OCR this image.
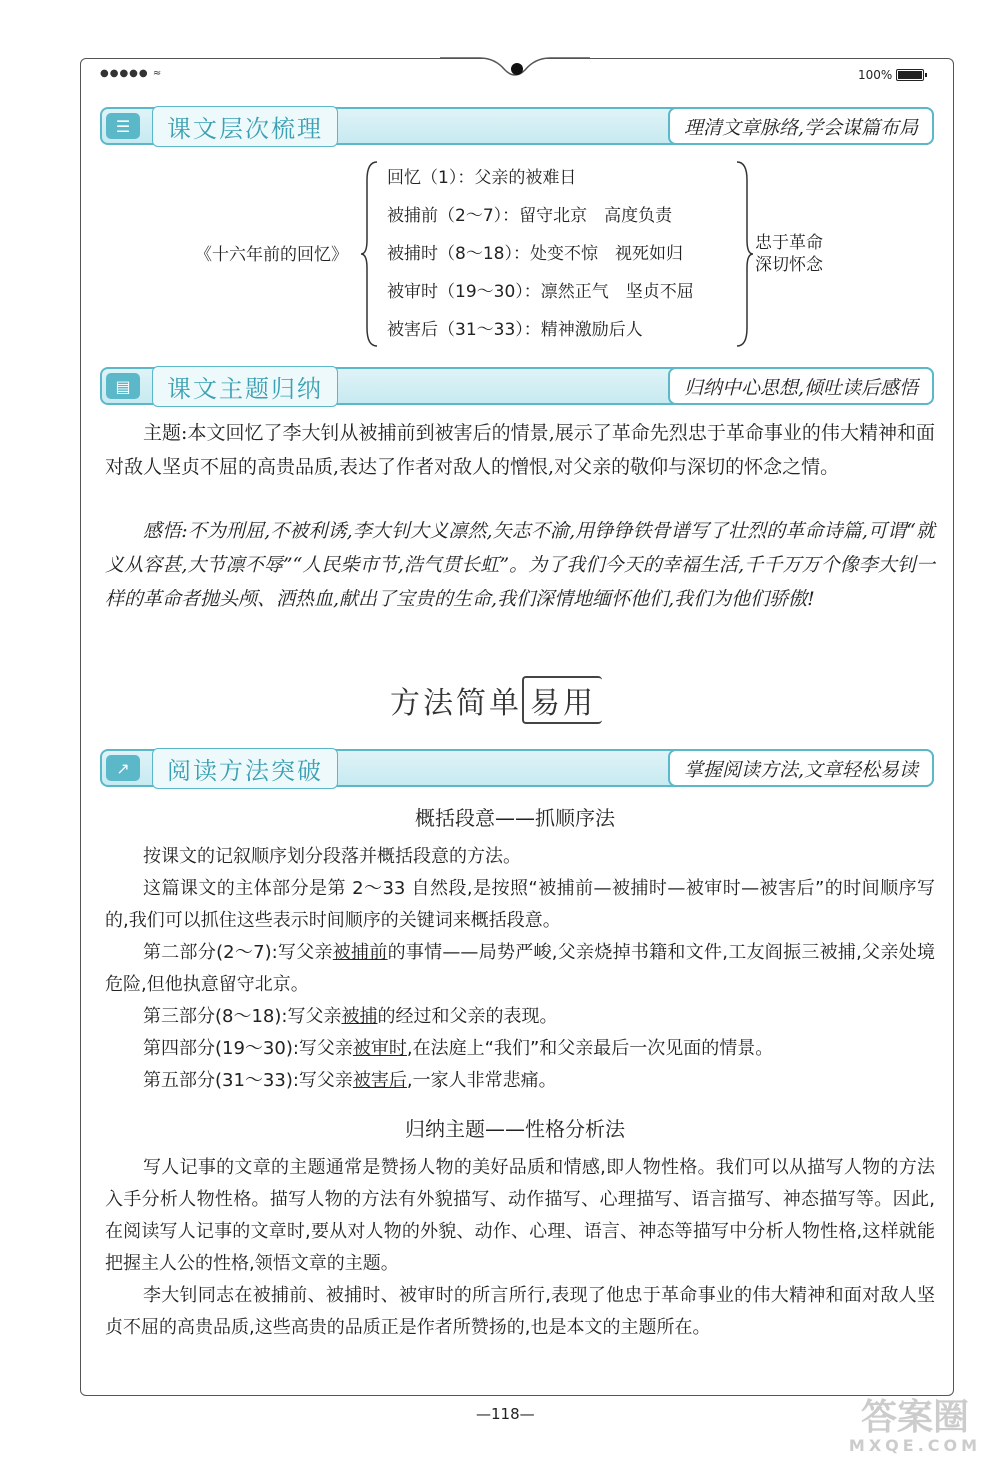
●●●●● ≈	100%
☰	课文层次梳理	理清文章脉络,学会谋篇布局
《十六年前的回忆》
回忆（1）：父亲的被难日
被捕前（2～7）：留守北京　高度负责
被捕时（8～18）：处变不惊　视死如归
被审时（19～30）：凛然正气　坚贞不屈
被害后（31～33）：精神激励后人
忠于革命
深切怀念
▤	课文主题归纳	归纳中心思想,倾吐读后感悟
主题:本文回忆了李大钊从被捕前到被害后的情景,展示了革命先烈忠于革命事业的伟大精神和面对敌人坚贞不屈的高贵品质,表达了作者对敌人的憎恨,对父亲的敬仰与深切的怀念之情。
感悟:不为刑屈,不被利诱,李大钊大义凛然,矢志不渝,用铮铮铁骨谱写了壮烈的革命诗篇,可谓“就义从容甚,大节凛不辱”“人民柴市节,浩气贯长虹”。为了我们今天的幸福生活,千千万万个像李大钊一样的革命者抛头颅、洒热血,献出了宝贵的生命,我们深情地缅怀他们,我们为他们骄傲!
方法简单 易用
↗	阅读方法突破	掌握阅读方法,文章轻松易读
概括段意——抓顺序法

按课文的记叙顺序划分段落并概括段意的方法。

这篇课文的主体部分是第 2～33 自然段,是按照“被捕前—被捕时—被审时—被害后”的时间顺序写的,我们可以抓住这些表示时间顺序的关键词来概括段意。

第二部分(2～7):写父亲被捕前的事情——局势严峻,父亲烧掉书籍和文件,工友阎振三被捕,父亲处境危险,但他执意留守北京。

第三部分(8～18):写父亲被捕的经过和父亲的表现。

第四部分(19～30):写父亲被审时,在法庭上“我们”和父亲最后一次见面的情景。

第五部分(31～33):写父亲被害后,一家人非常悲痛。

归纳主题——性格分析法

写人记事的文章的主题通常是赞扬人物的美好品质和情感,即人物性格。我们可以从描写人物的方法入手分析人物性格。描写人物的方法有外貌描写、动作描写、心理描写、语言描写、神态描写等。因此,在阅读写人记事的文章时,要从对人物的外貌、动作、心理、语言、神态等描写中分析人物性格,这样就能把握主人公的性格,领悟文章的主题。

李大钊同志在被捕前、被捕时、被审时的所言所行,表现了他忠于革命事业的伟大精神和面对敌人坚贞不屈的高贵品质,这些高贵的品质正是作者所赞扬的,也是本文的主题所在。

—118—	答案圈
MXQE.COM
